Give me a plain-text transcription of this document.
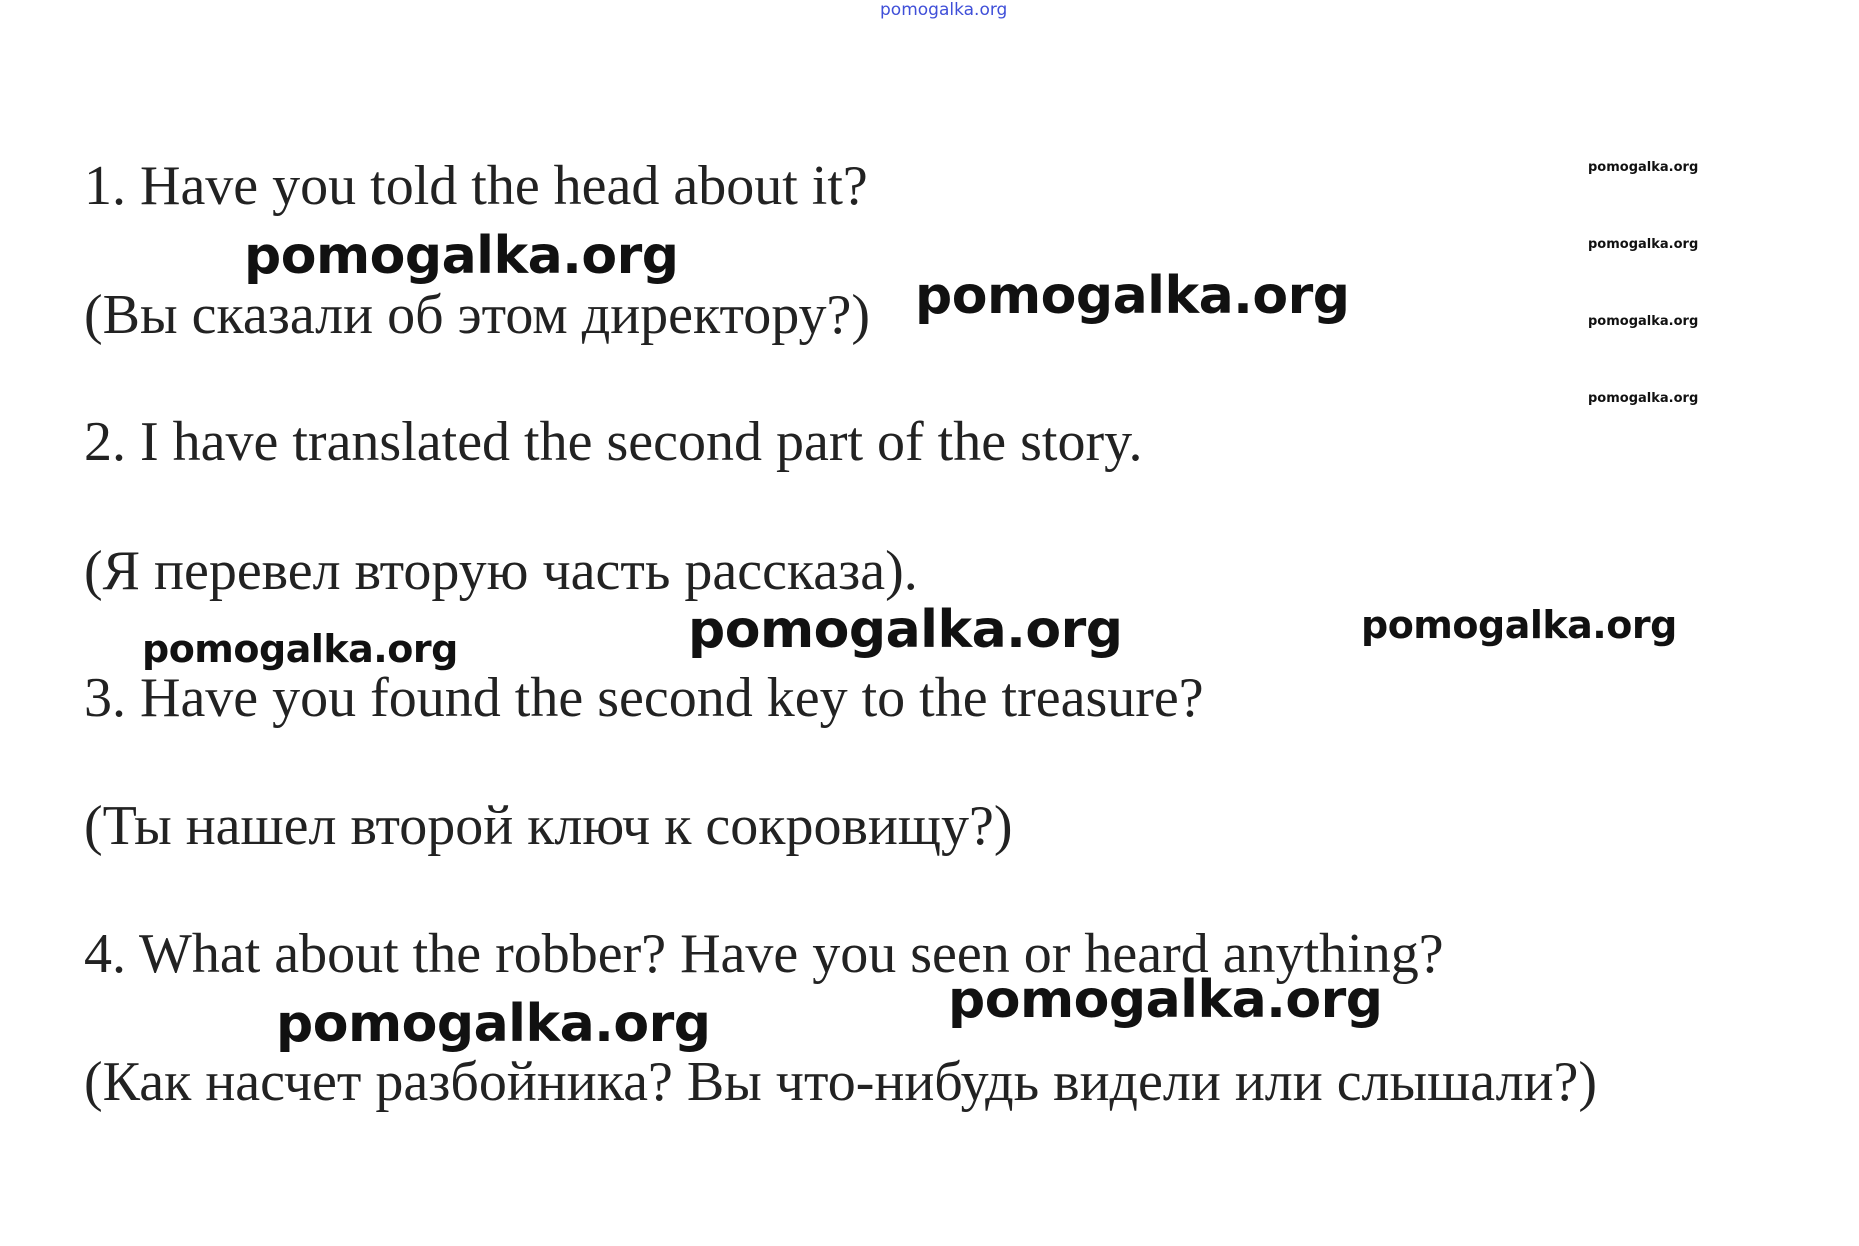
pomogalka.org
1. Have you told the head about it?
(Вы сказали об этом директору?)
2. I have translated the second part of the story.
(Я перевел вторую часть рассказа).
3. Have you found the second key to the treasure?
(Ты нашел второй ключ к сокровищу?)
4. What about the robber? Have you seen or heard anything?
(Как насчет разбойника? Вы что-нибудь видели или слышали?)
pomogalka.org
pomogalka.org
pomogalka.org
pomogalka.org
pomogalka.org
pomogalka.org
pomogalka.org
pomogalka.org
pomogalka.org
pomogalka.org
pomogalka.org
